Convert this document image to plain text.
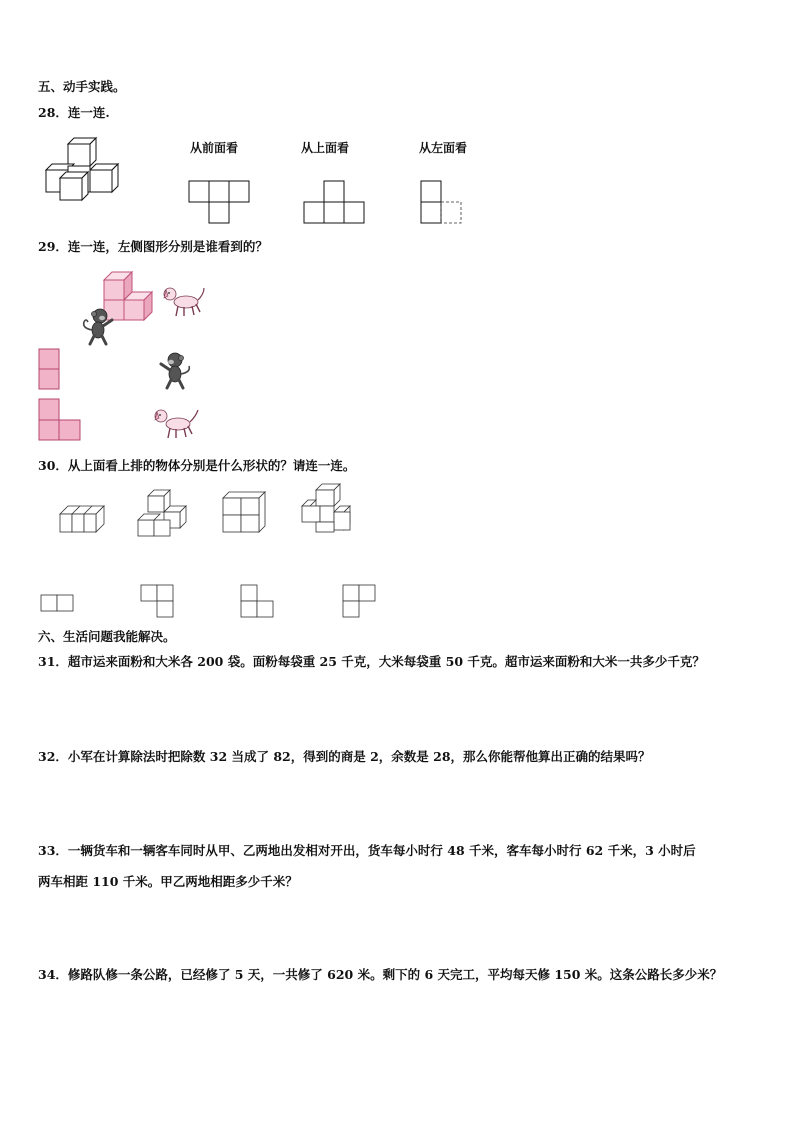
五、动手实践。
28．连一连.
从前面看	从上面看	从左面看
29．连一连，左侧图形分别是谁看到的？
30．从上面看上排的物体分别是什么形状的？请连一连。
六、生活问题我能解决。
31．超市运来面粉和大米各 200 袋。面粉每袋重 25 千克，大米每袋重 50 千克。超市运来面粉和大米一共多少千克？
32．小军在计算除法时把除数 32 当成了 82，得到的商是 2，余数是 28，那么你能帮他算出正确的结果吗？
33．一辆货车和一辆客车同时从甲、乙两地出发相对开出，货车每小时行 48 千米，客车每小时行 62 千米，3 小时后
两车相距 110 千米。甲乙两地相距多少千米？
34．修路队修一条公路，已经修了 5 天，一共修了 620 米。剩下的 6 天完工，平均每天修 150 米。这条公路长多少米？
